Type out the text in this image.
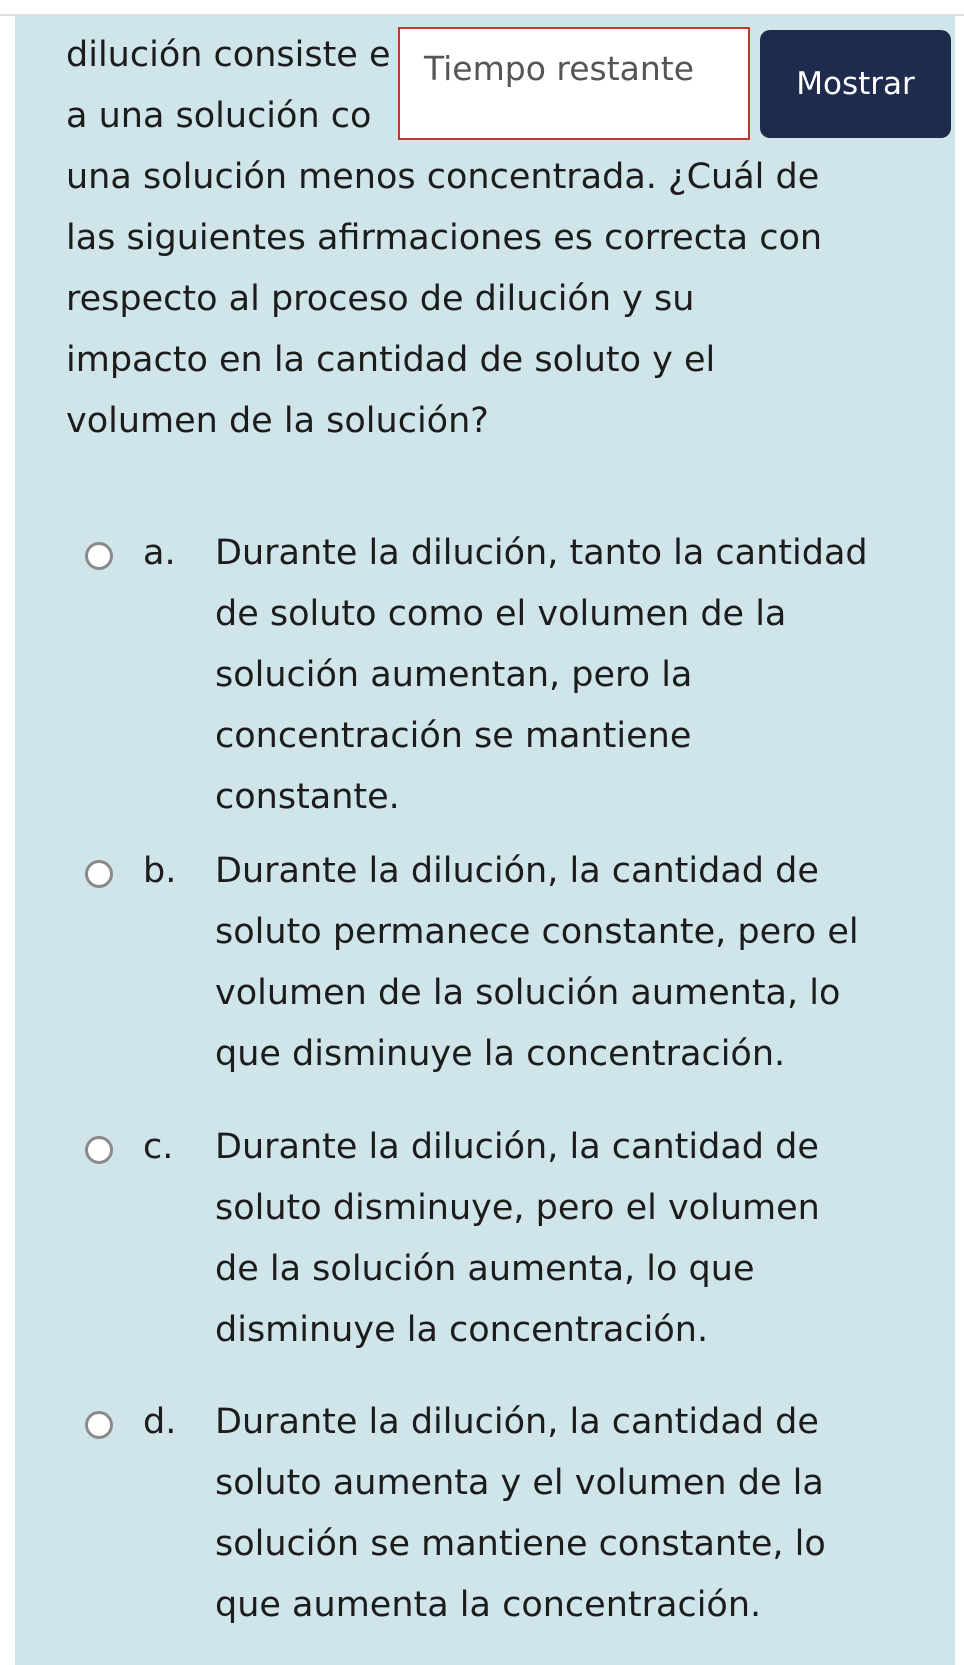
dilución consiste e
a una solución co
una solución menos concentrada. ¿Cuál de
las siguientes afirmaciones es correcta con
respecto al proceso de dilución y su
impacto en la cantidad de soluto y el
volumen de la solución?

a. Durante la dilución, tanto la cantidad
de soluto como el volumen de la
solución aumentan, pero la
concentración se mantiene
constante.
b. Durante la dilución, la cantidad de
soluto permanece constante, pero el
volumen de la solución aumenta, lo
que disminuye la concentración.
c. Durante la dilución, la cantidad de
soluto disminuye, pero el volumen
de la solución aumenta, lo que
disminuye la concentración.
d. Durante la dilución, la cantidad de
soluto aumenta y el volumen de la
solución se mantiene constante, lo
que aumenta la concentración.
Tiempo restante	Mostrar
